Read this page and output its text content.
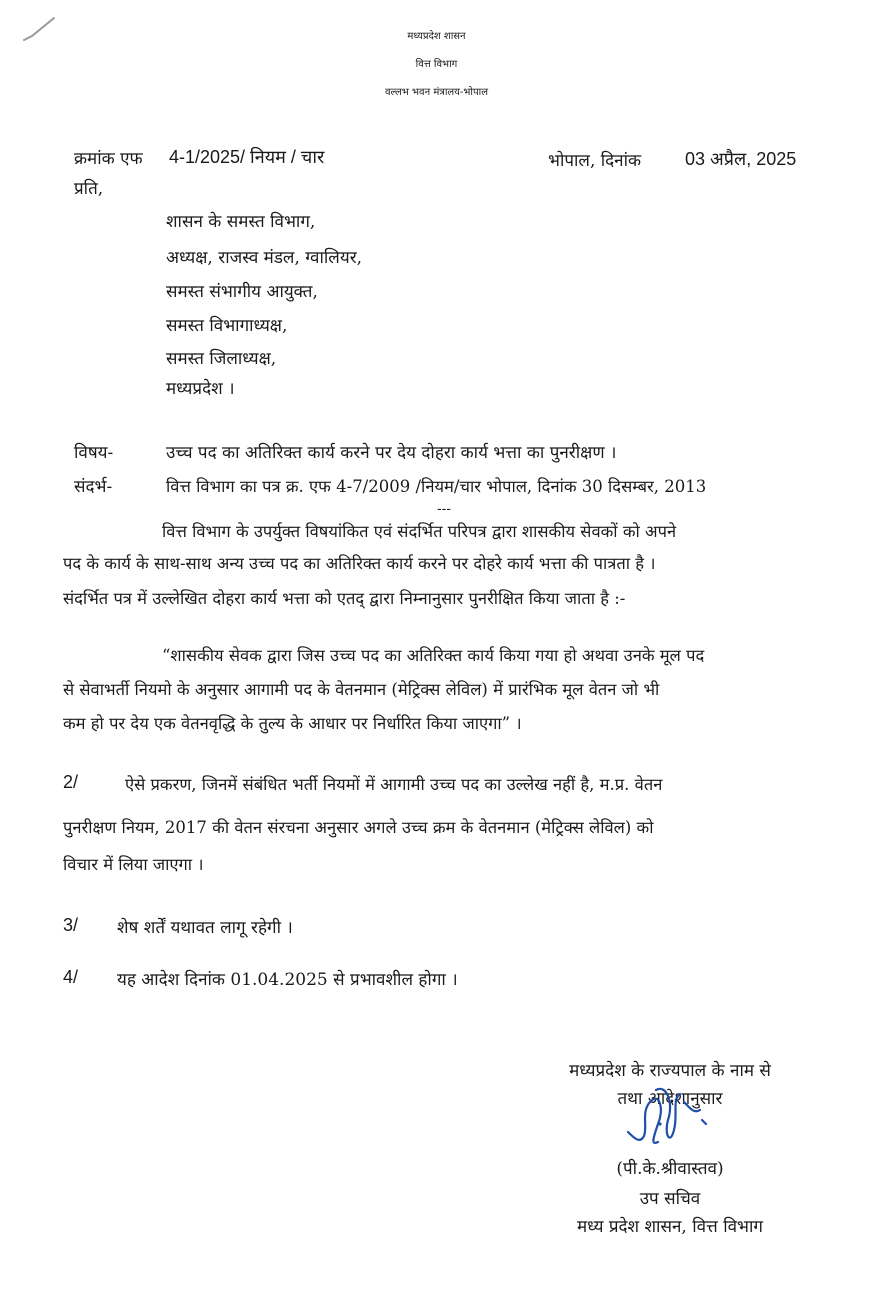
मध्यप्रदेश शासन
वित्त विभाग
वल्लभ भवन मंत्रालय-भोपाल
क्रमांक एफ 4-1/2025/ नियम / चार	भोपाल, दिनांक 03 अप्रैल, 2025
प्रति,
शासन के समस्त विभाग,
अध्यक्ष, राजस्व मंडल, ग्वालियर,
समस्त संभागीय आयुक्त,
समस्त विभागाध्यक्ष,
समस्त जिलाध्यक्ष,
मध्यप्रदेश ।
विषय-	उच्च पद का अतिरिक्त कार्य करने पर देय दोहरा कार्य भत्ता का पुनरीक्षण ।
संदर्भ-	वित्त विभाग का पत्र क्र. एफ 4-7/2009 /नियम/चार भोपाल, दिनांक 30 दिसम्बर, 2013
---
वित्त विभाग के उपर्युक्त विषयांकित एवं संदर्भित परिपत्र द्वारा शासकीय सेवकों को अपने
पद के कार्य के साथ-साथ अन्य उच्च पद का अतिरिक्त कार्य करने पर दोहरे कार्य भत्ता की पात्रता है ।
संदर्भित पत्र में उल्लेखित दोहरा कार्य भत्ता को एतद् द्वारा निम्नानुसार पुनरीक्षित किया जाता है :-
“शासकीय सेवक द्वारा जिस उच्च पद का अतिरिक्त कार्य किया गया हो अथवा उनके मूल पद
से सेवाभर्ती नियमो के अनुसार आगामी पद के वेतनमान (मेट्रिक्स लेविल) में प्रारंभिक मूल वेतन जो भी
कम हो पर देय एक वेतनवृद्धि के तुल्य के आधार पर निर्धारित किया जाएगा” ।
2/	ऐसे प्रकरण, जिनमें संबंधित भर्ती नियमों में आगामी उच्च पद का उल्लेख नहीं है, म.प्र. वेतन
पुनरीक्षण नियम, 2017 की वेतन संरचना अनुसार अगले उच्च क्रम के वेतनमान (मेट्रिक्स लेविल) को
विचार में लिया जाएगा ।
3/ शेष शर्तें यथावत लागू रहेगी ।
4/ यह आदेश दिनांक 01.04.2025 से प्रभावशील होगा ।
मध्यप्रदेश के राज्यपाल के नाम से
तथा आदेशानुसार
(पी.के.श्रीवास्तव)
उप सचिव
मध्य प्रदेश शासन, वित्त विभाग
